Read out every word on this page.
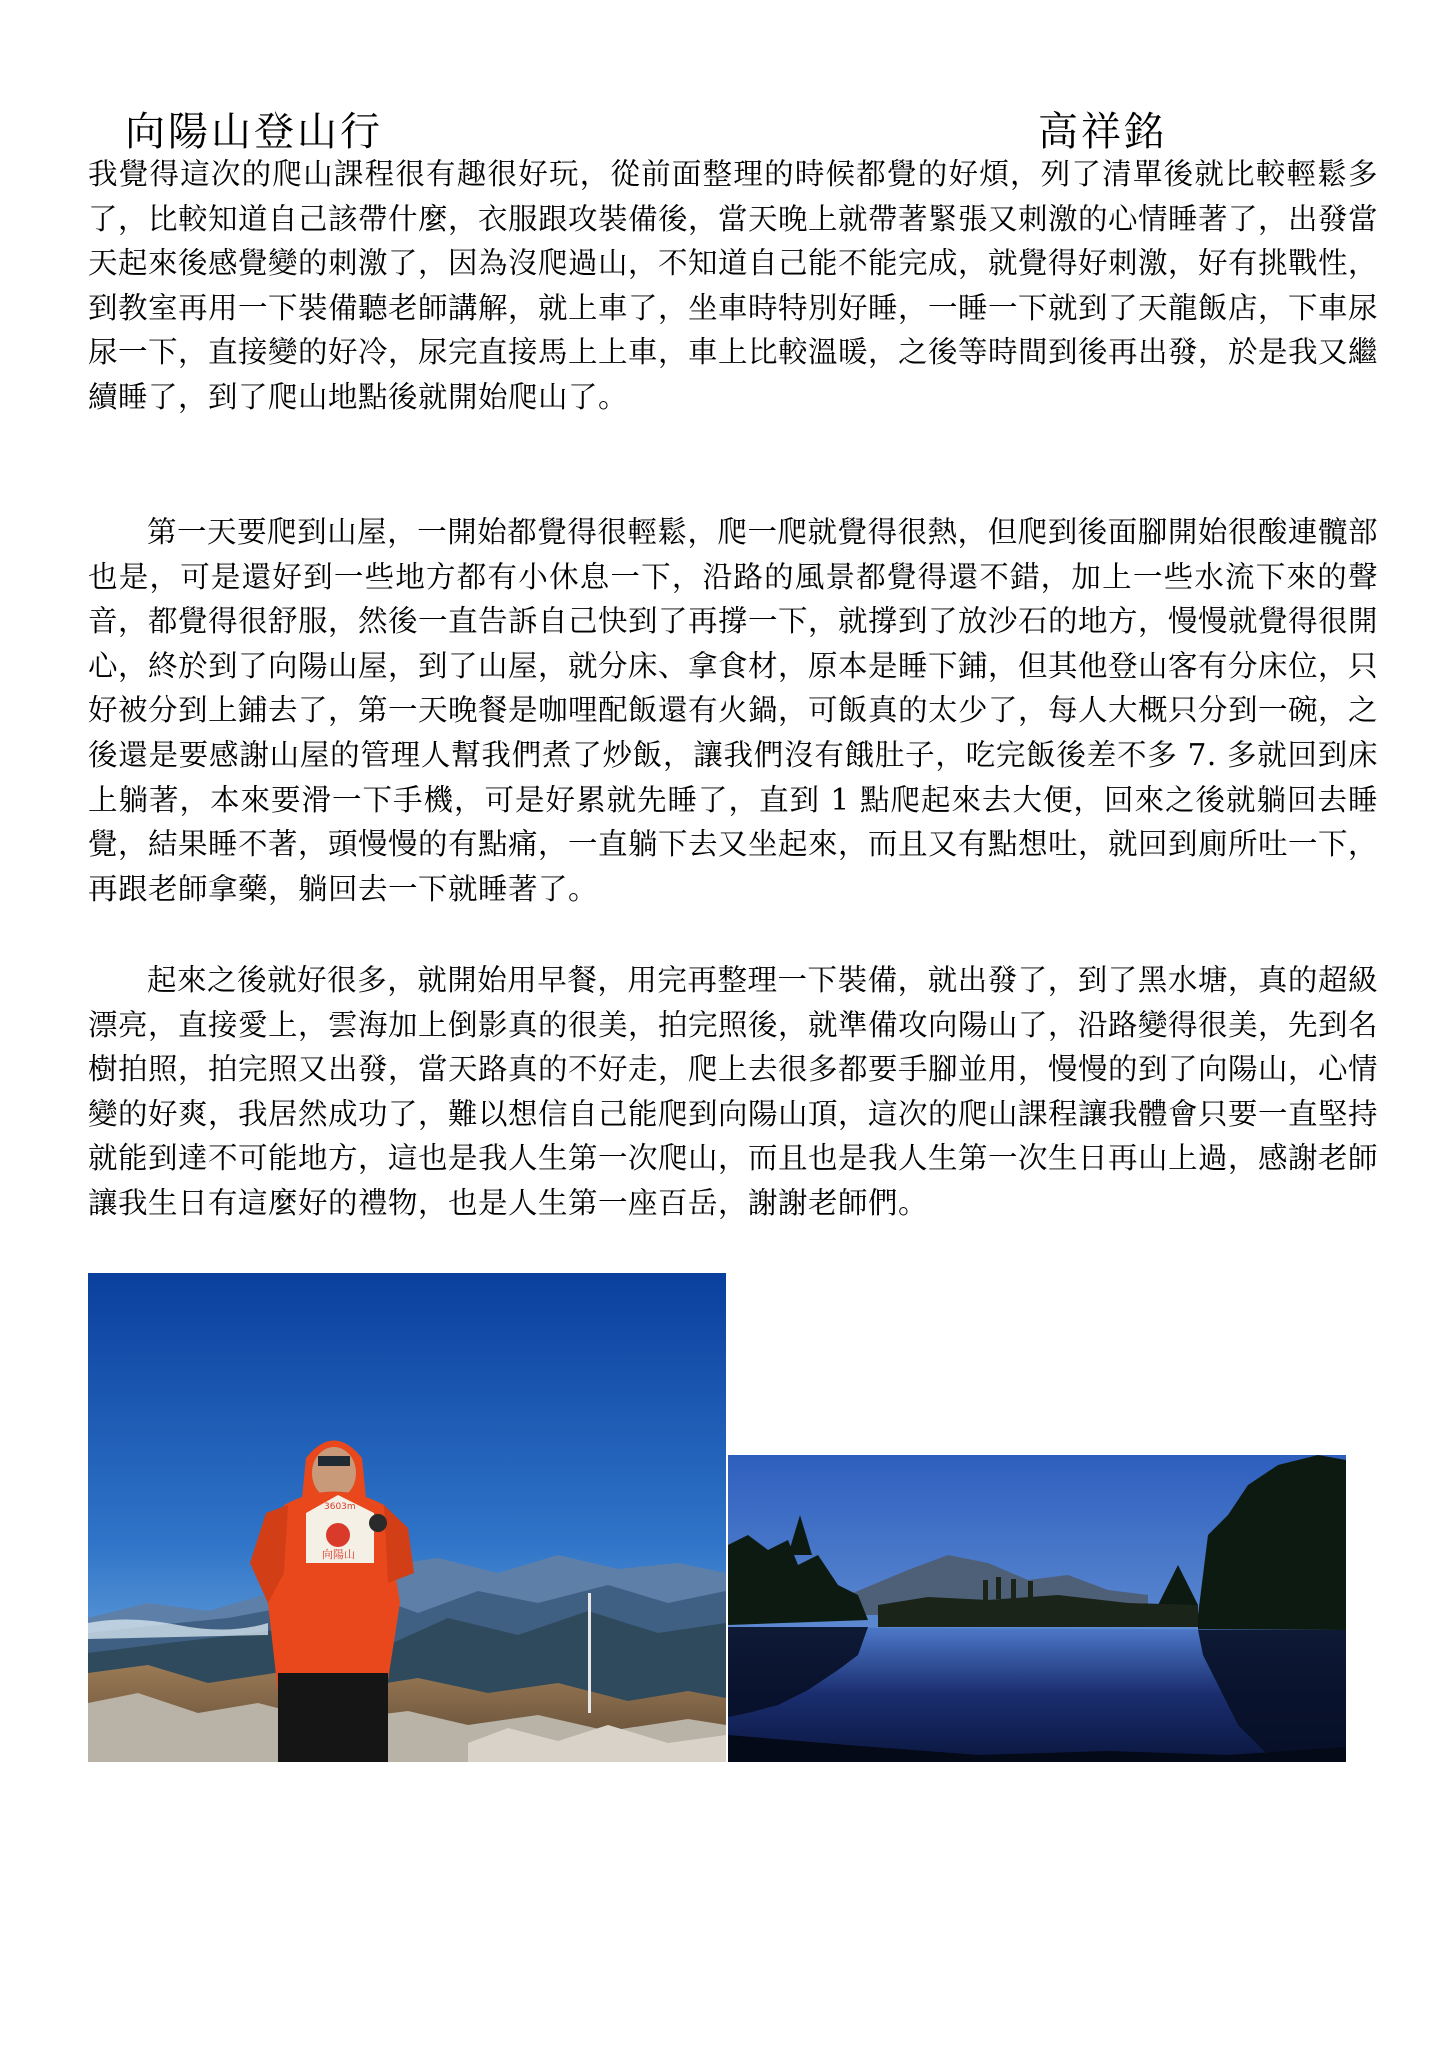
向陽山登山行	高祥銘
我覺得這次的爬山課程很有趣很好玩，從前面整理的時候都覺的好煩，列了清單後就比較輕鬆多了，比較知道自己該帶什麼，衣服跟攻裝備後，當天晚上就帶著緊張又刺激的心情睡著了，出發當天起來後感覺變的刺激了，因為沒爬過山，不知道自己能不能完成，就覺得好刺激，好有挑戰性，到教室再用一下裝備聽老師講解，就上車了，坐車時特別好睡，一睡一下就到了天龍飯店，下車尿尿一下，直接變的好冷，尿完直接馬上上車，車上比較溫暖，之後等時間到後再出發，於是我又繼續睡了，到了爬山地點後就開始爬山了。
第一天要爬到山屋，一開始都覺得很輕鬆，爬一爬就覺得很熱，但爬到後面腳開始很酸連髖部也是，可是還好到一些地方都有小休息一下，沿路的風景都覺得還不錯，加上一些水流下來的聲音，都覺得很舒服，然後一直告訴自己快到了再撐一下，就撐到了放沙石的地方，慢慢就覺得很開心，終於到了向陽山屋，到了山屋，就分床、拿食材，原本是睡下鋪，但其他登山客有分床位，只好被分到上鋪去了，第一天晚餐是咖哩配飯還有火鍋，可飯真的太少了，每人大概只分到一碗，之後還是要感謝山屋的管理人幫我們煮了炒飯，讓我們沒有餓肚子，吃完飯後差不多 7. 多就回到床上躺著，本來要滑一下手機，可是好累就先睡了，直到 1 點爬起來去大便，回來之後就躺回去睡覺，結果睡不著，頭慢慢的有點痛，一直躺下去又坐起來，而且又有點想吐，就回到廁所吐一下，再跟老師拿藥，躺回去一下就睡著了。
起來之後就好很多，就開始用早餐，用完再整理一下裝備，就出發了，到了黑水塘，真的超級漂亮，直接愛上，雲海加上倒影真的很美，拍完照後，就準備攻向陽山了，沿路變得很美，先到名樹拍照，拍完照又出發，當天路真的不好走，爬上去很多都要手腳並用，慢慢的到了向陽山，心情變的好爽，我居然成功了，難以想信自己能爬到向陽山頂，這次的爬山課程讓我體會只要一直堅持就能到達不可能地方，這也是我人生第一次爬山，而且也是我人生第一次生日再山上過，感謝老師讓我生日有這麼好的禮物，也是人生第一座百岳，謝謝老師們。
3603m
向陽山
